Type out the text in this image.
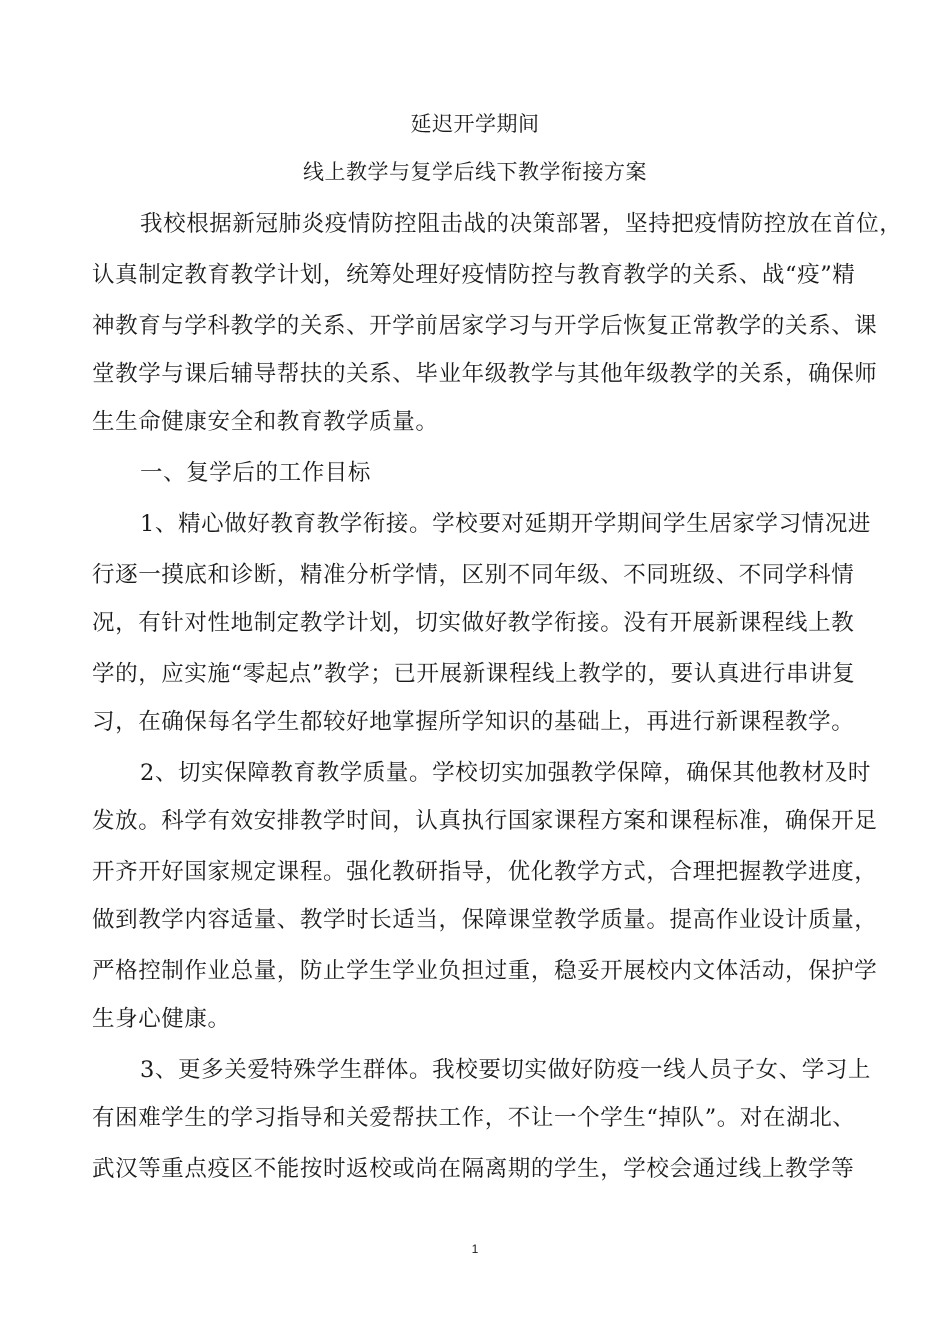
延迟开学期间
线上教学与复学后线下教学衔接方案
我校根据新冠肺炎疫情防控阻击战的决策部署，坚持把疫情防控放在首位，
认真制定教育教学计划，统筹处理好疫情防控与教育教学的关系、战“疫”精
神教育与学科教学的关系、开学前居家学习与开学后恢复正常教学的关系、课
堂教学与课后辅导帮扶的关系、毕业年级教学与其他年级教学的关系，确保师
生生命健康安全和教育教学质量。
一、复学后的工作目标
1、精心做好教育教学衔接。学校要对延期开学期间学生居家学习情况进
行逐一摸底和诊断，精准分析学情，区别不同年级、不同班级、不同学科情
况，有针对性地制定教学计划，切实做好教学衔接。没有开展新课程线上教
学的，应实施“零起点”教学；已开展新课程线上教学的，要认真进行串讲复
习，在确保每名学生都较好地掌握所学知识的基础上，再进行新课程教学。
2、切实保障教育教学质量。学校切实加强教学保障，确保其他教材及时
发放。科学有效安排教学时间，认真执行国家课程方案和课程标准，确保开足
开齐开好国家规定课程。强化教研指导，优化教学方式，合理把握教学进度，
做到教学内容适量、教学时长适当，保障课堂教学质量。提高作业设计质量，
严格控制作业总量，防止学生学业负担过重，稳妥开展校内文体活动，保护学
生身心健康。
3、更多关爱特殊学生群体。我校要切实做好防疫一线人员子女、学习上
有困难学生的学习指导和关爱帮扶工作，不让一个学生“掉队”。对在湖北、
武汉等重点疫区不能按时返校或尚在隔离期的学生，学校会通过线上教学等
1
